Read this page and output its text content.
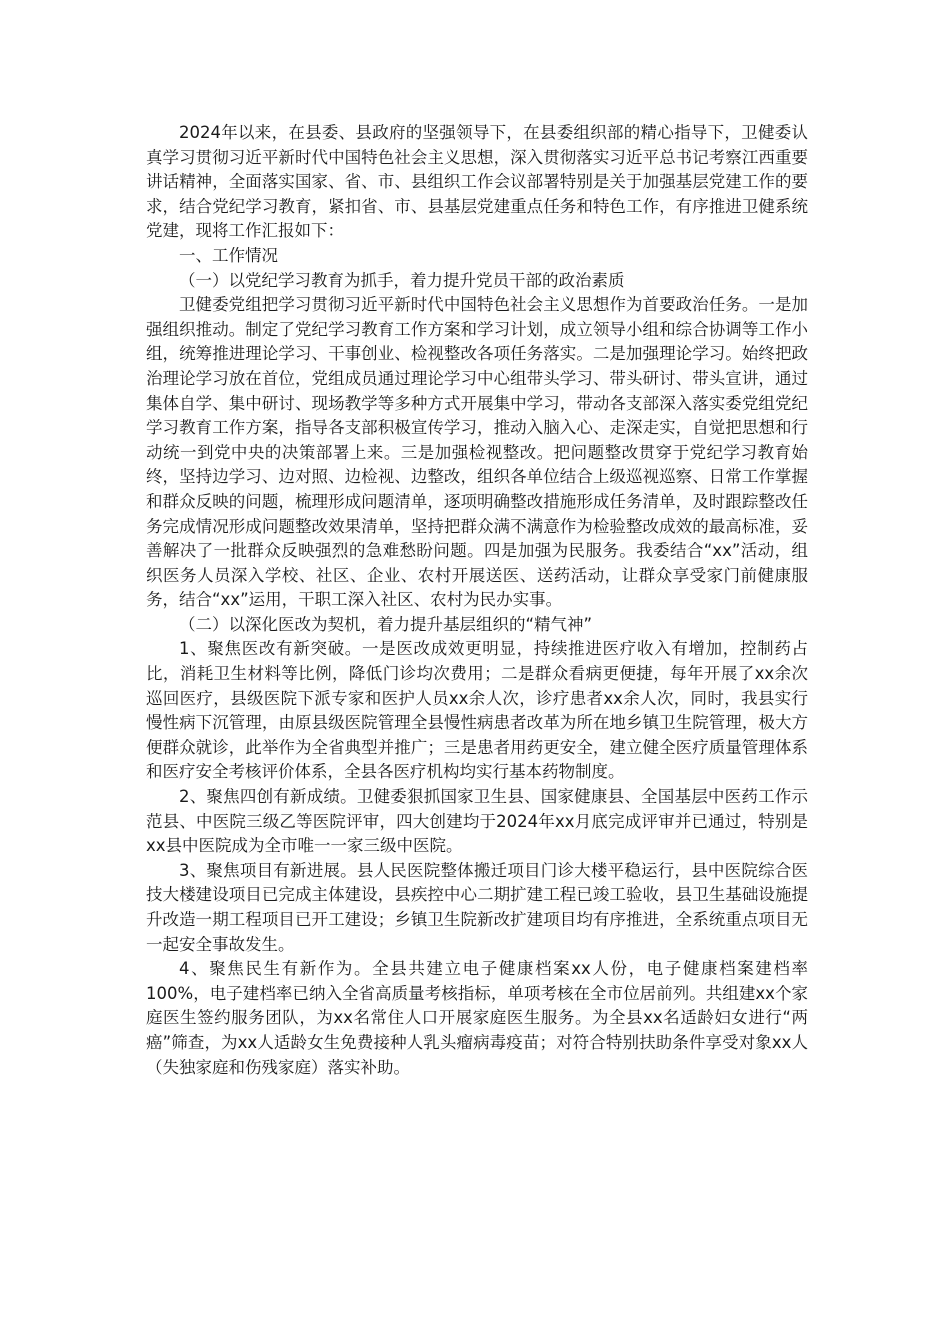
2024年以来，在县委、县政府的坚强领导下，在县委组织部的精心指导下，卫健委认真学习贯彻习近平新时代中国特色社会主义思想，深入贯彻落实习近平总书记考察江西重要讲话精神，全面落实国家、省、市、县组织工作会议部署特别是关于加强基层党建工作的要求，结合党纪学习教育，紧扣省、市、县基层党建重点任务和特色工作，有序推进卫健系统党建，现将工作汇报如下：

一、工作情况

（一）以党纪学习教育为抓手，着力提升党员干部的政治素质

卫健委党组把学习贯彻习近平新时代中国特色社会主义思想作为首要政治任务。一是加强组织推动。制定了党纪学习教育工作方案和学习计划，成立领导小组和综合协调等工作小组，统筹推进理论学习、干事创业、检视整改各项任务落实。二是加强理论学习。始终把政治理论学习放在首位，党组成员通过理论学习中心组带头学习、带头研讨、带头宣讲，通过集体自学、集中研讨、现场教学等多种方式开展集中学习，带动各支部深入落实委党组党纪学习教育工作方案，指导各支部积极宣传学习，推动入脑入心、走深走实，自觉把思想和行动统一到党中央的决策部署上来。三是加强检视整改。把问题整改贯穿于党纪学习教育始终，坚持边学习、边对照、边检视、边整改，组织各单位结合上级巡视巡察、日常工作掌握和群众反映的问题，梳理形成问题清单，逐项明确整改措施形成任务清单，及时跟踪整改任务完成情况形成问题整改效果清单，坚持把群众满不满意作为检验整改成效的最高标准，妥善解决了一批群众反映强烈的急难愁盼问题。四是加强为民服务。我委结合“xx”活动，组织医务人员深入学校、社区、企业、农村开展送医、送药活动，让群众享受家门前健康服务，结合“xx”运用，干职工深入社区、农村为民办实事。

（二）以深化医改为契机，着力提升基层组织的“精气神”

1、聚焦医改有新突破。一是医改成效更明显，持续推进医疗收入有增加，控制药占比，消耗卫生材料等比例，降低门诊均次费用；二是群众看病更便捷，每年开展了xx余次巡回医疗，县级医院下派专家和医护人员xx余人次，诊疗患者xx余人次，同时，我县实行慢性病下沉管理，由原县级医院管理全县慢性病患者改革为所在地乡镇卫生院管理，极大方便群众就诊，此举作为全省典型并推广；三是患者用药更安全，建立健全医疗质量管理体系和医疗安全考核评价体系，全县各医疗机构均实行基本药物制度。

2、聚焦四创有新成绩。卫健委狠抓国家卫生县、国家健康县、全国基层中医药工作示范县、中医院三级乙等医院评审，四大创建均于2024年xx月底完成评审并已通过，特别是xx县中医院成为全市唯一一家三级中医院。

3、聚焦项目有新进展。县人民医院整体搬迁项目门诊大楼平稳运行，县中医院综合医技大楼建设项目已完成主体建设，县疾控中心二期扩建工程已竣工验收，县卫生基础设施提升改造一期工程项目已开工建设；乡镇卫生院新改扩建项目均有序推进，全系统重点项目无一起安全事故发生。

4、聚焦民生有新作为。全县共建立电子健康档案xx人份，电子健康档案建档率100%，电子建档率已纳入全省高质量考核指标，单项考核在全市位居前列。共组建xx个家庭医生签约服务团队，为xx名常住人口开展家庭医生服务。为全县xx名适龄妇女进行“两癌”筛查，为xx人适龄女生免费接种人乳头瘤病毒疫苗；对符合特别扶助条件享受对象xx人（失独家庭和伤残家庭）落实补助。
